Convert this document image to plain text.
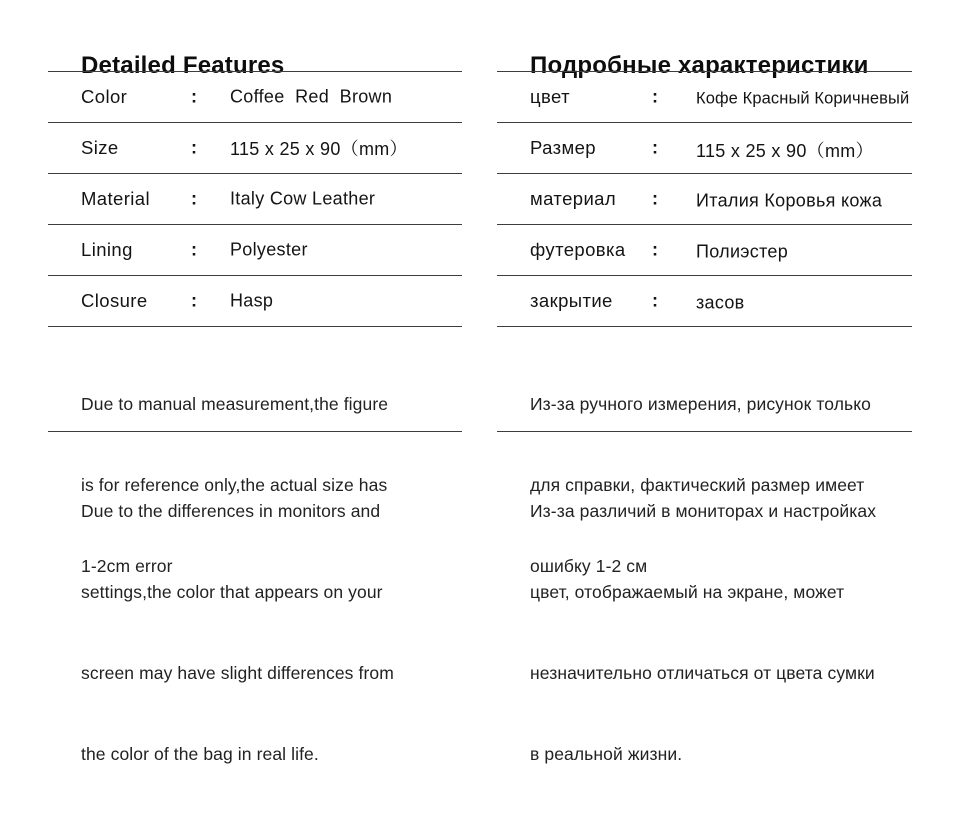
Detailed Features
Color	: Coffee  Red  Brown
Size	: 115 x 25 x 90（mm）
Material : Italy Cow Leather
Lining	: Polyester
Closure : Hasp

Due to manual measurement,the figure

is for reference only,the actual size has

1-2cm error

Due to the differences in monitors and

settings,the color that appears on your

screen may have slight differences from

the color of the bag in real life.

Подробные характеристики
цвет	: Кофе Красный Коричневый
Размер	: 115 x 25 x 90（mm）
материал : Италия Коровья кожа
футеровка : Полиэстер
закрытие : засов

Из-за ручного измерения, рисунок только

для справки, фактический размер имеет

ошибку 1-2 см

Из-за различий в мониторах и настройках

цвет, отображаемый на экране, может

незначительно отличаться от цвета сумки

в реальной жизни.
